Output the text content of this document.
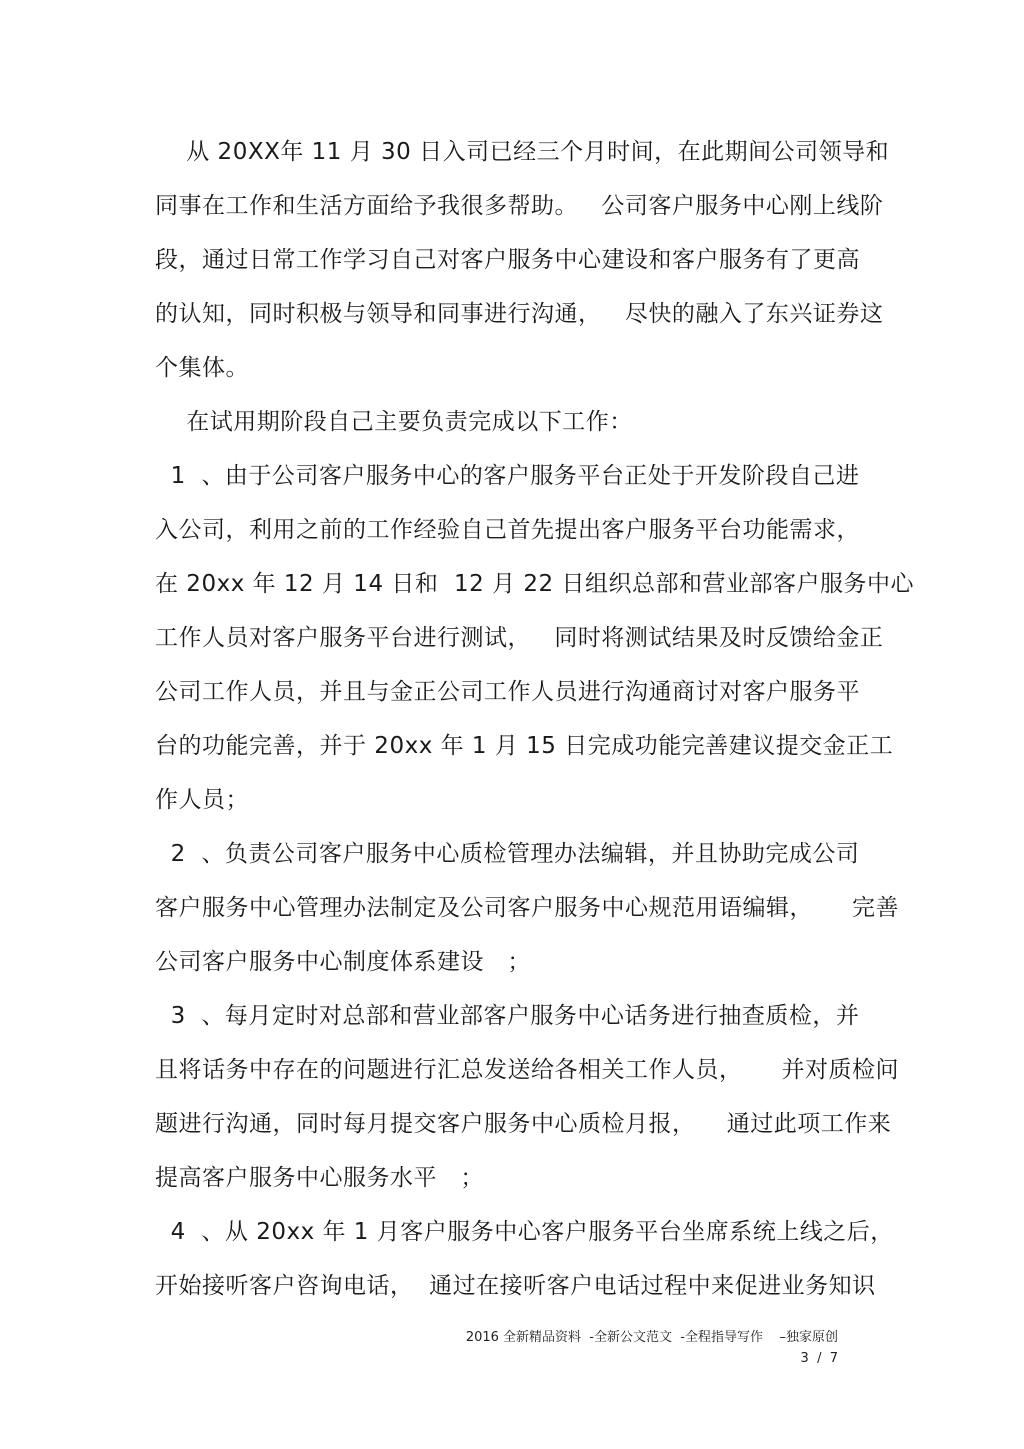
从 20XX年 11 月 30 日入司已经三个月时间，在此期间公司领导和
同事在工作和生活方面给予我很多帮助。   公司客户服务中心刚上线阶
段，通过日常工作学习自己对客户服务中心建设和客户服务有了更高
的认知，同时积极与领导和同事进行沟通，   尽快的融入了东兴证券这
个集体。
在试用期阶段自己主要负责完成以下工作：
1  、由于公司客户服务中心的客户服务平台正处于开发阶段自己进
入公司，利用之前的工作经验自己首先提出客户服务平台功能需求，
在 20xx 年 12 月 14 日和  12 月 22 日组织总部和营业部客户服务中心
工作人员对客户服务平台进行测试，   同时将测试结果及时反馈给金正
公司工作人员，并且与金正公司工作人员进行沟通商讨对客户服务平
台的功能完善，并于 20xx 年 1 月 15 日完成功能完善建议提交金正工
作人员；
2  、负责公司客户服务中心质检管理办法编辑，并且协助完成公司
客户服务中心管理办法制定及公司客户服务中心规范用语编辑，     完善
公司客户服务中心制度体系建设   ；
3  、每月定时对总部和营业部客户服务中心话务进行抽查质检，并
且将话务中存在的问题进行汇总发送给各相关工作人员，     并对质检问
题进行沟通，同时每月提交客户服务中心质检月报，    通过此项工作来
提高客户服务中心服务水平   ；
4  、从 20xx 年 1 月客户服务中心客户服务平台坐席系统上线之后，
开始接听客户咨询电话，  通过在接听客户电话过程中来促进业务知识
2016 全新精品资料  -全新公文范文  -全程指导写作    –独家原创
3  /  7
